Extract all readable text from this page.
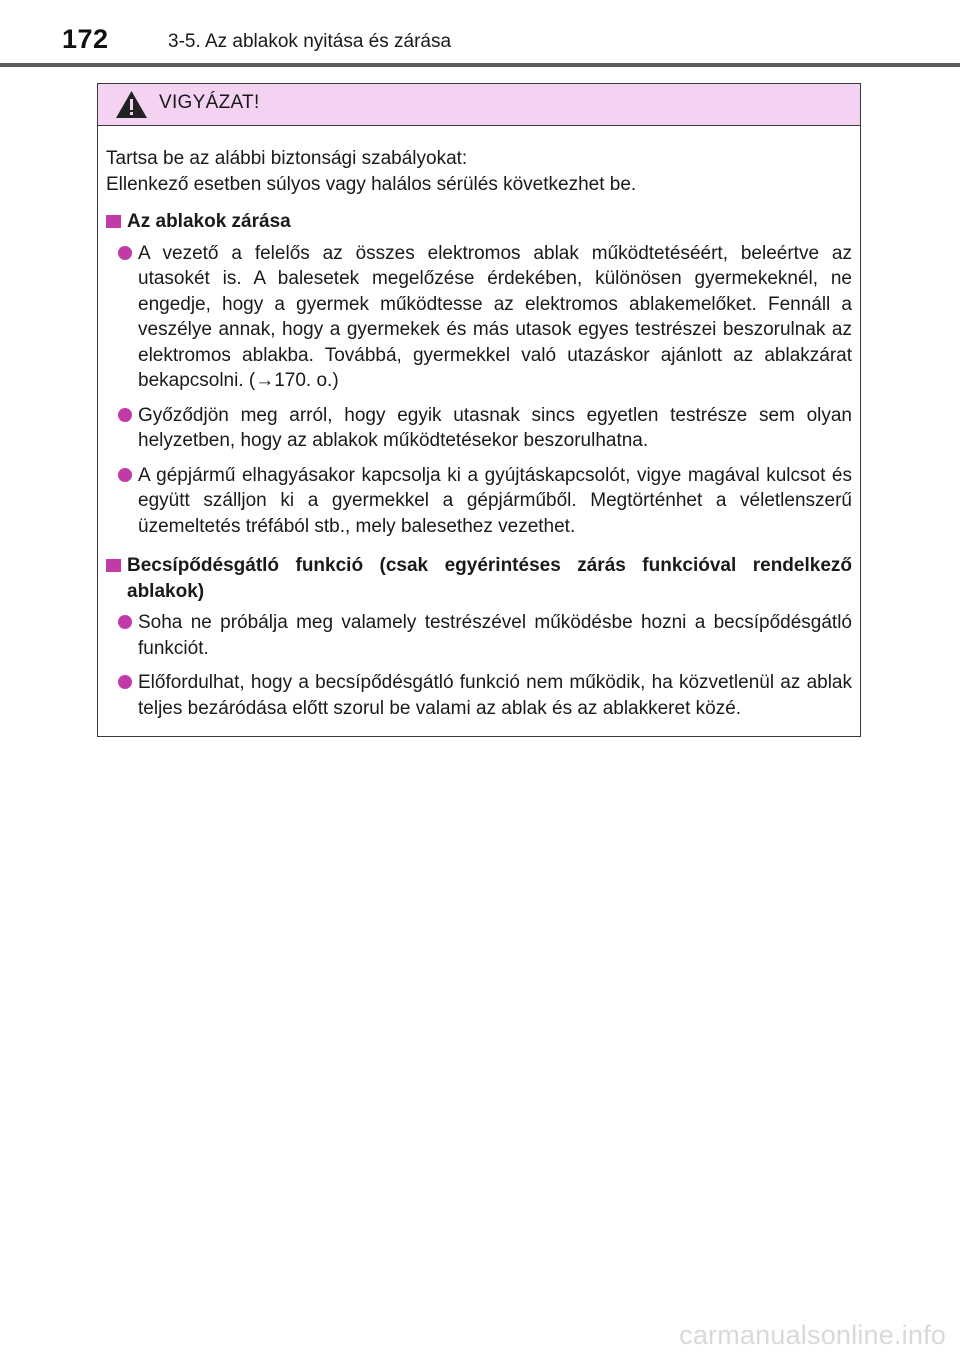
172	3-5. Az ablakok nyitása és zárása
VIGYÁZAT!

Tartsa be az alábbi biztonsági szabályokat:

Ellenkező esetben súlyos vagy halálos sérülés következhet be.

Az ablakok zárása
A vezető a felelős az összes elektromos ablak működtetéséért, beleértve az utasokét is. A balesetek megelőzése érdekében, különösen gyermekeknél, ne engedje, hogy a gyermek működtesse az elektromos ablakemelőket. Fennáll a veszélye annak, hogy a gyermekek és más utasok egyes testrészei beszorulnak az elektromos ablakba. Továbbá, gyermekkel való utazáskor ajánlott az ablakzárat bekapcsolni. (→170. o.)
Győződjön meg arról, hogy egyik utasnak sincs egyetlen testrésze sem olyan helyzetben, hogy az ablakok működtetésekor beszorulhatna.
A gépjármű elhagyásakor kapcsolja ki a gyújtáskapcsolót, vigye magával kulcsot és együtt szálljon ki a gyermekkel a gépjárműből. Megtörténhet a véletlenszerű üzemeltetés tréfából stb., mely balesethez vezethet.
Becsípődésgátló funkció (csak egyérintéses zárás funkcióval rendelkező ablakok)
Soha ne próbálja meg valamely testrészével működésbe hozni a becsípődésgátló funkciót.
Előfordulhat, hogy a becsípődésgátló funkció nem működik, ha közvetlenül az ablak teljes bezáródása előtt szorul be valami az ablak és az ablakkeret közé.
carmanualsonline.info
